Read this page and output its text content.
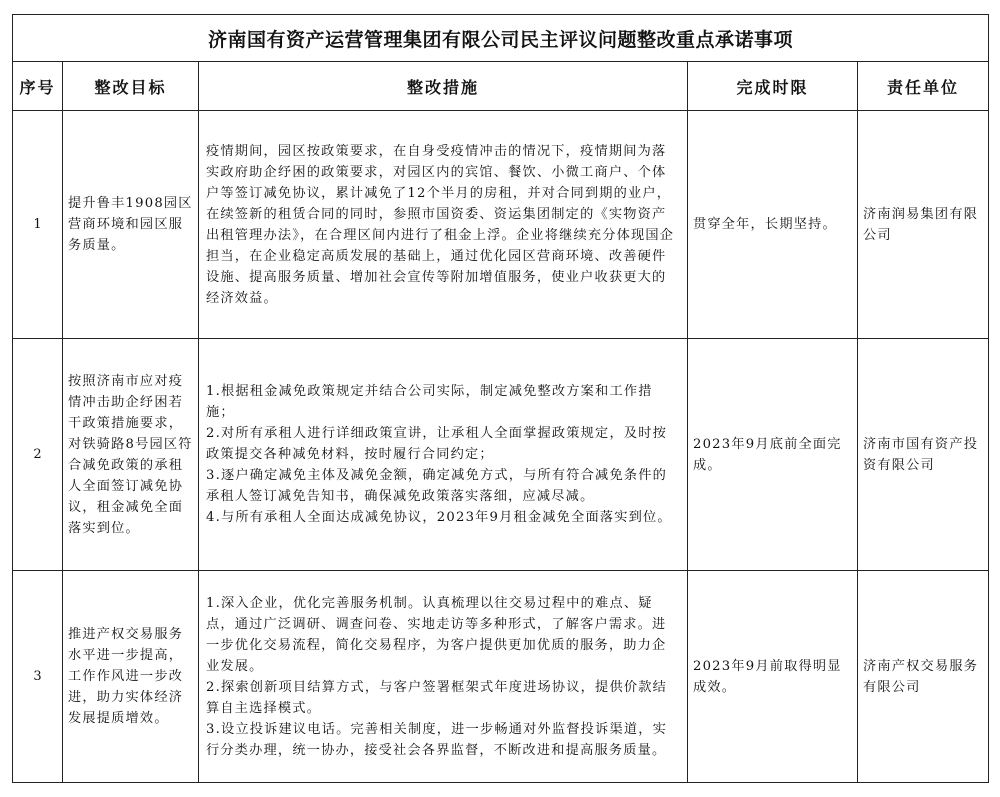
济南国有资产运营管理集团有限公司民主评议问题整改重点承诺事项				
序号	整改目标	整改措施	完成时限	责任单位
1	提升鲁丰1908园区营商环境和园区服务质量。	疫情期间，园区按政策要求，在自身受疫情冲击的情况下，疫情期间为落实政府助企纾困的政策要求，对园区内的宾馆、餐饮、小微工商户、个体户等签订减免协议，累计减免了12个半月的房租，并对合同到期的业户，在续签新的租赁合同的同时，参照市国资委、资运集团制定的《实物资产出租管理办法》，在合理区间内进行了租金上浮。企业将继续充分体现国企担当，在企业稳定高质发展的基础上，通过优化园区营商环境、改善硬件设施、提高服务质量、增加社会宣传等附加增值服务，使业户收获更大的经济效益。	贯穿全年，长期坚持。	济南润易集团有限公司
2	按照济南市应对疫情冲击助企纾困若干政策措施要求，对铁骑路8号园区符合减免政策的承租人全面签订减免协议，租金减免全面落实到位。	1.根据租金减免政策规定并结合公司实际，制定减免整改方案和工作措施；
2.对所有承租人进行详细政策宣讲，让承租人全面掌握政策规定，及时按政策提交各种减免材料，按时履行合同约定；
3.逐户确定减免主体及减免金额，确定减免方式，与所有符合减免条件的承租人签订减免告知书，确保减免政策落实落细，应减尽减。
4.与所有承租人全面达成减免协议，2023年9月租金减免全面落实到位。	2023年9月底前全面完成。	济南市国有资产投资有限公司
3	推进产权交易服务水平进一步提高，工作作风进一步改进，助力实体经济发展提质增效。	1.深入企业，优化完善服务机制。认真梳理以往交易过程中的难点、疑点，通过广泛调研、调查问卷、实地走访等多种形式，了解客户需求。进一步优化交易流程，简化交易程序，为客户提供更加优质的服务，助力企业发展。
2.探索创新项目结算方式，与客户签署框架式年度进场协议，提供价款结算自主选择模式。
3.设立投诉建议电话。完善相关制度，进一步畅通对外监督投诉渠道，实行分类办理，统一协办，接受社会各界监督，不断改进和提高服务质量。	2023年9月前取得明显成效。	济南产权交易服务有限公司
